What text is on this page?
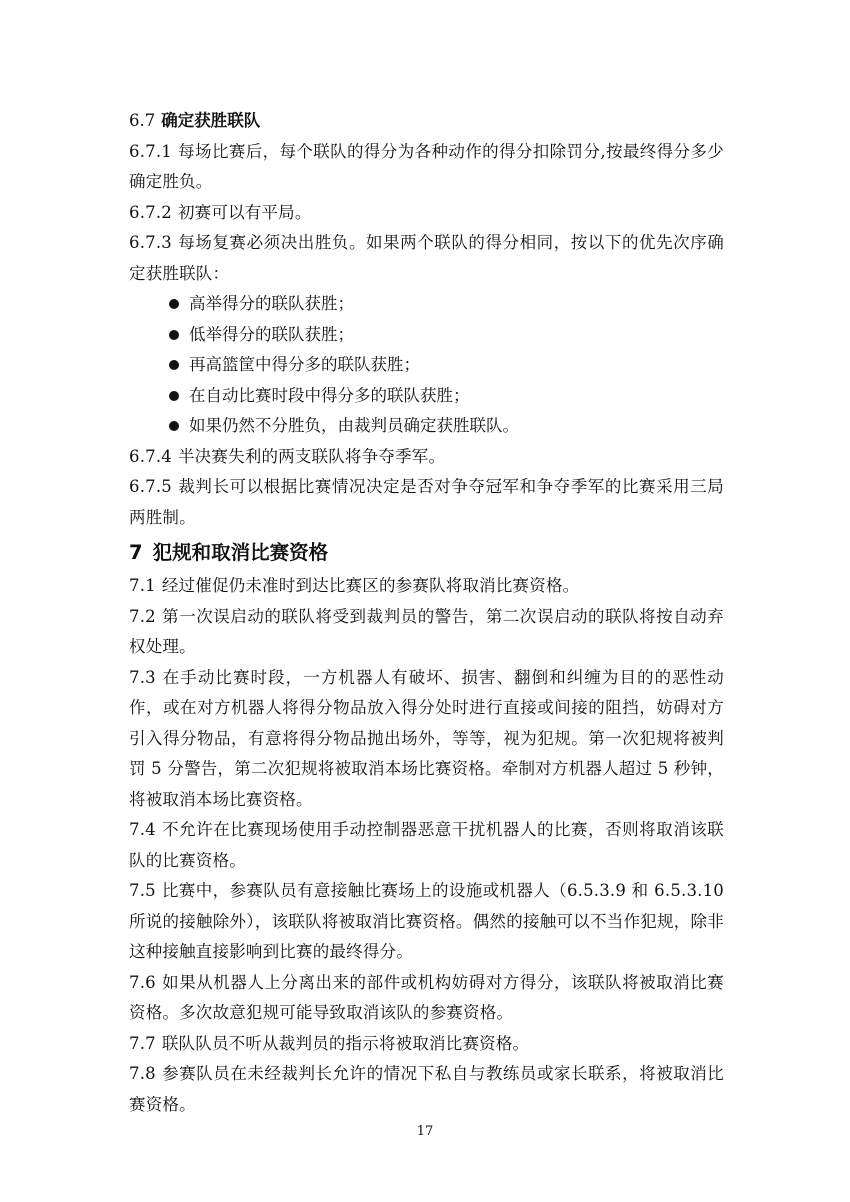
6.7 确定获胜联队

6.7.1 每场比赛后，每个联队的得分为各种动作的得分扣除罚分,按最终得分多少确定胜负。

6.7.2 初赛可以有平局。

6.7.3 每场复赛必须决出胜负。如果两个联队的得分相同，按以下的优先次序确定获胜联队：

高举得分的联队获胜；
低举得分的联队获胜；
再高篮筐中得分多的联队获胜；
在自动比赛时段中得分多的联队获胜；
如果仍然不分胜负，由裁判员确定获胜联队。

6.7.4 半决赛失利的两支联队将争夺季军。

6.7.5 裁判长可以根据比赛情况决定是否对争夺冠军和争夺季军的比赛采用三局两胜制。

7 犯规和取消比赛资格

7.1 经过催促仍未准时到达比赛区的参赛队将取消比赛资格。

7.2 第一次误启动的联队将受到裁判员的警告，第二次误启动的联队将按自动弃权处理。

7.3 在手动比赛时段，一方机器人有破坏、损害、翻倒和纠缠为目的的恶性动作，或在对方机器人将得分物品放入得分处时进行直接或间接的阻挡，妨碍对方引入得分物品，有意将得分物品抛出场外，等等，视为犯规。第一次犯规将被判罚 5 分警告，第二次犯规将被取消本场比赛资格。牵制对方机器人超过 5 秒钟，将被取消本场比赛资格。

7.4 不允许在比赛现场使用手动控制器恶意干扰机器人的比赛，否则将取消该联队的比赛资格。

7.5 比赛中，参赛队员有意接触比赛场上的设施或机器人（6.5.3.9 和 6.5.3.10 所说的接触除外），该联队将被取消比赛资格。偶然的接触可以不当作犯规，除非这种接触直接影响到比赛的最终得分。

7.6 如果从机器人上分离出来的部件或机构妨碍对方得分，该联队将被取消比赛资格。多次故意犯规可能导致取消该队的参赛资格。

7.7 联队队员不听从裁判员的指示将被取消比赛资格。

7.8 参赛队员在未经裁判长允许的情况下私自与教练员或家长联系，将被取消比赛资格。

17
